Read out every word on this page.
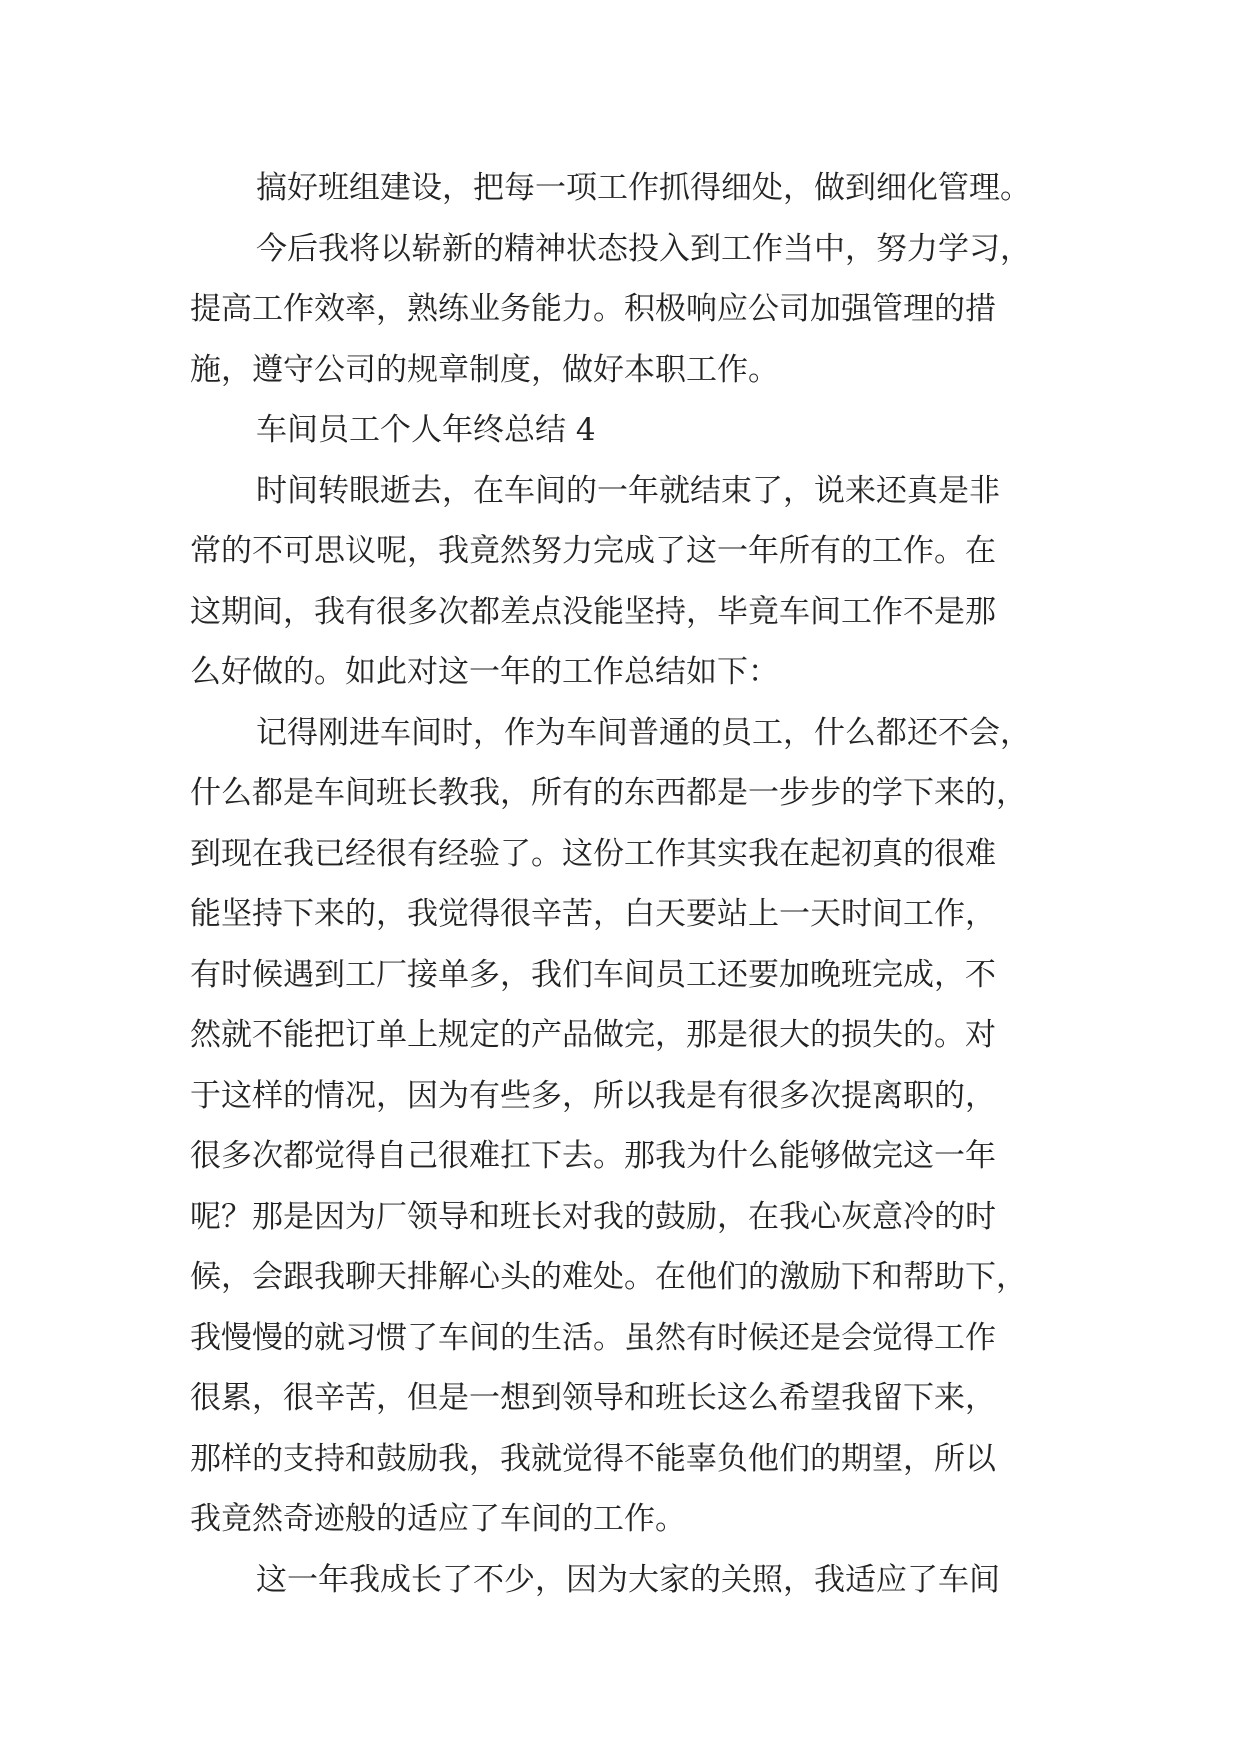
搞好班组建设，把每一项工作抓得细处，做到细化管理。
今后我将以崭新的精神状态投入到工作当中，努力学习，
提高工作效率，熟练业务能力。积极响应公司加强管理的措
施，遵守公司的规章制度，做好本职工作。
车间员工个人年终总结 4
时间转眼逝去，在车间的一年就结束了，说来还真是非
常的不可思议呢，我竟然努力完成了这一年所有的工作。在
这期间，我有很多次都差点没能坚持，毕竟车间工作不是那
么好做的。如此对这一年的工作总结如下：
记得刚进车间时，作为车间普通的员工，什么都还不会，
什么都是车间班长教我，所有的东西都是一步步的学下来的，
到现在我已经很有经验了。这份工作其实我在起初真的很难
能坚持下来的，我觉得很辛苦，白天要站上一天时间工作，
有时候遇到工厂接单多，我们车间员工还要加晚班完成，不
然就不能把订单上规定的产品做完，那是很大的损失的。对
于这样的情况，因为有些多，所以我是有很多次提离职的，
很多次都觉得自己很难扛下去。那我为什么能够做完这一年
呢？那是因为厂领导和班长对我的鼓励，在我心灰意冷的时
候，会跟我聊天排解心头的难处。在他们的激励下和帮助下，
我慢慢的就习惯了车间的生活。虽然有时候还是会觉得工作
很累，很辛苦，但是一想到领导和班长这么希望我留下来，
那样的支持和鼓励我，我就觉得不能辜负他们的期望，所以
我竟然奇迹般的适应了车间的工作。
这一年我成长了不少，因为大家的关照，我适应了车间
